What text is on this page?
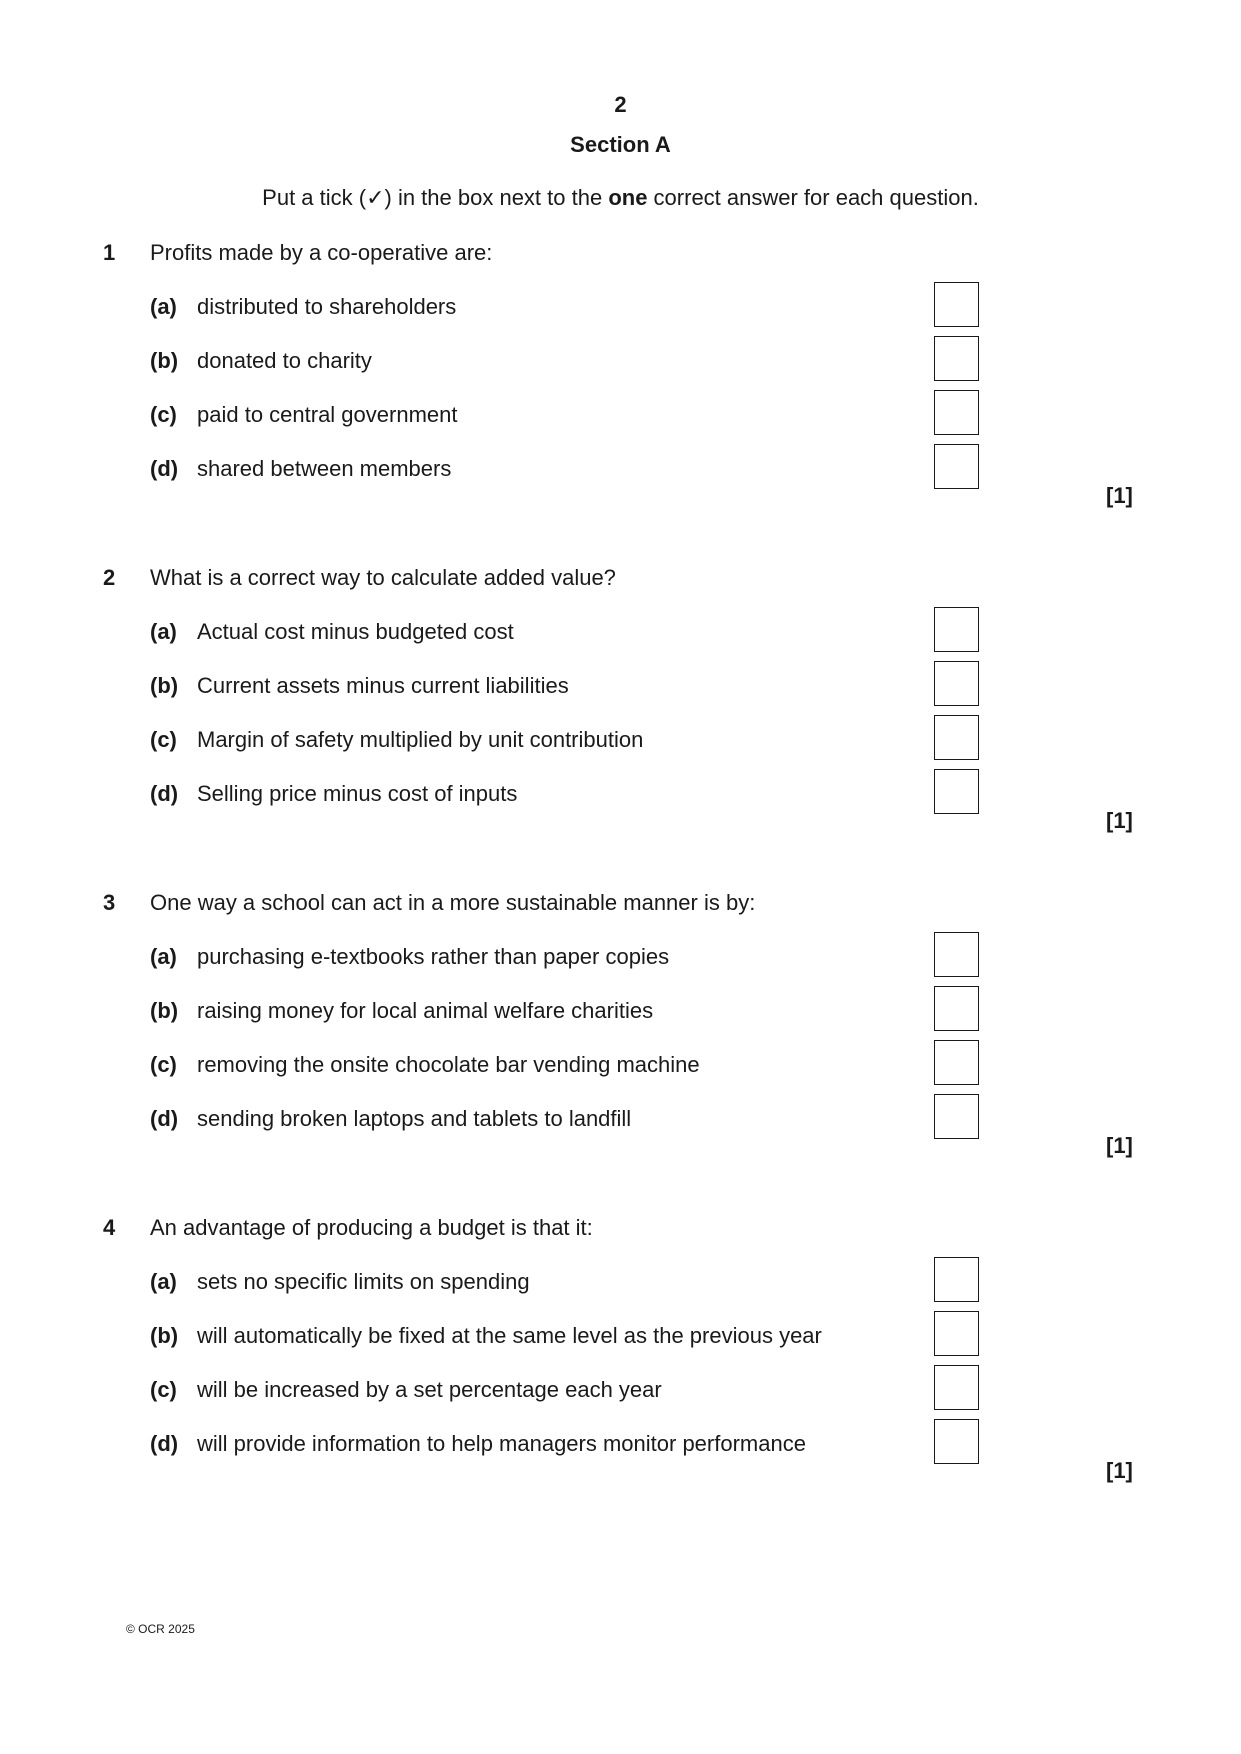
2
Section A
Put a tick (✓) in the box next to the one correct answer for each question.
1 Profits made by a co-operative are:
(a) distributed to shareholders
(b) donated to charity
(c) paid to central government
(d) shared between members
[1]
2 What is a correct way to calculate added value?
(a) Actual cost minus budgeted cost
(b) Current assets minus current liabilities
(c) Margin of safety multiplied by unit contribution
(d) Selling price minus cost of inputs
[1]
3 One way a school can act in a more sustainable manner is by:
(a) purchasing e-textbooks rather than paper copies
(b) raising money for local animal welfare charities
(c) removing the onsite chocolate bar vending machine
(d) sending broken laptops and tablets to landfill
[1]
4 An advantage of producing a budget is that it:
(a) sets no specific limits on spending
(b) will automatically be fixed at the same level as the previous year
(c) will be increased by a set percentage each year
(d) will provide information to help managers monitor performance
[1]
© OCR 2025
